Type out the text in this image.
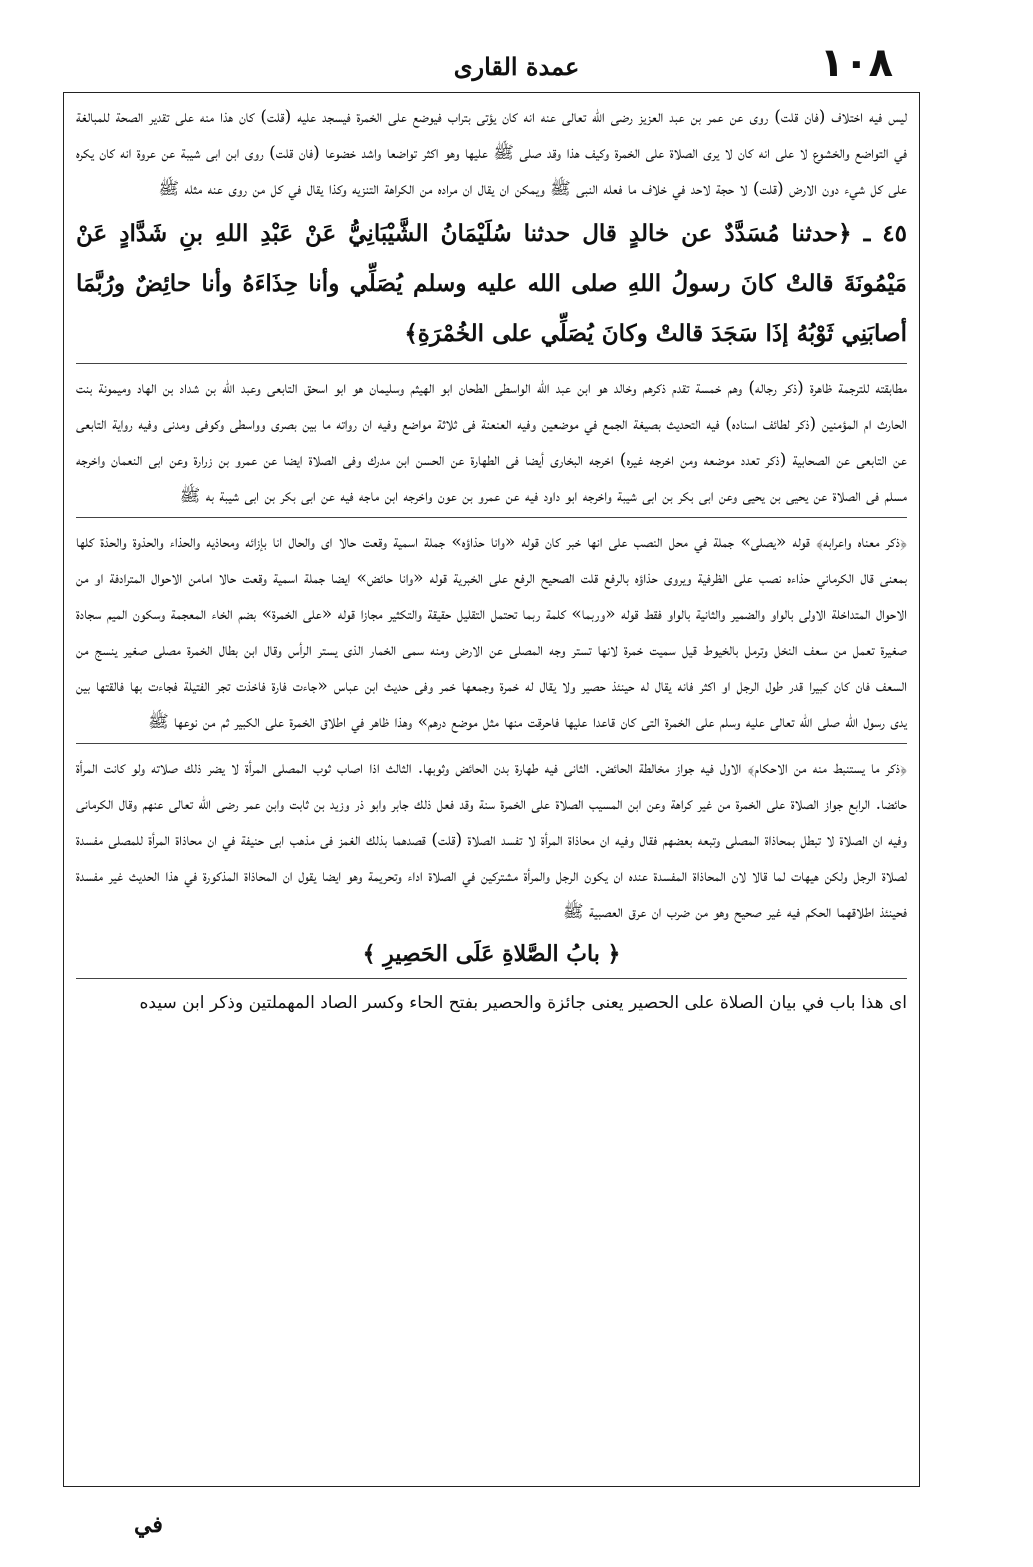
١٠٨
عمدة القارى

ليس فيه اختلاف (فان قلت) روى عن عمر بن عبد العزيز رضى الله تعالى عنه انه كان يؤتى بتراب فيوضع على الخمرة فيسجد عليه (قلت) كان هذا منه على تقدير الصحة للمبالغة في التواضع والخشوع لا على انه كان لا يرى الصلاة على الخمرة وكيف هذا وقد صلى ﷺ عليها وهو اكثر تواضعا واشد خضوعا (فان قلت) روى ابن ابى شيبة عن عروة انه كان يكره على كل شيء دون الارض (قلت) لا حجة لاحد في خلاف ما فعله النبى ﷺ ويمكن ان يقال ان مراده من الكراهة التنزيه وكذا يقال في كل من روى عنه مثله ﷺ

٤٥ ـ ﴿حدثنا مُسَدَّدٌ عن خالدٍ قال حدثنا سُلَيْمَانُ الشَّيْبَانِيُّ عَنْ عَبْدِ اللهِ بنِ شَدَّادٍ عَنْ مَيْمُونَةَ قالتْ كانَ رسولُ اللهِ صلى الله عليه وسلم يُصَلِّي وأنا حِذَاءَهُ وأنا حائِضٌ ورُبَّمَا أصابَنِي ثَوْبُهُ إذَا سَجَدَ قالتْ وكانَ يُصَلِّي على الخُمْرَةِ﴾

مطابقته للترجمة ظاهرة (ذكر رجاله) وهم خمسة تقدم ذكرهم وخالد هو ابن عبد الله الواسطى الطحان ابو الهيثم وسليمان هو ابو اسحق التابعى وعبد الله بن شداد بن الهاد وميمونة بنت الحارث ام المؤمنين (ذكر لطائف اسناده) فيه التحديث بصيغة الجمع في موضعين وفيه العنعنة فى ثلاثة مواضع وفيه ان رواته ما بين بصرى وواسطى وكوفى ومدنى وفيه رواية التابعى عن التابعى عن الصحابية (ذكر تعدد موضعه ومن اخرجه غيره) اخرجه البخارى أيضا فى الطهارة عن الحسن ابن مدرك وفى الصلاة ايضا عن عمرو بن زرارة وعن ابى النعمان واخرجه مسلم فى الصلاة عن يحيى بن يحيى وعن ابى بكر بن ابى شيبة واخرجه ابو داود فيه عن عمرو بن عون واخرجه ابن ماجه فيه عن ابى بكر بن ابى شيبة به ﷺ

﴿ذكر معناه واعرابه﴾ قوله «يصلى» جملة في محل النصب على انها خبر كان قوله «وانا حذاؤه» جملة اسمية وقعت حالا اى والحال انا بإزائه ومحاذيه والحذاء والحذوة والحذة كلها بمعنى قال الكرماني حذاءه نصب على الظرفية ويروى حذاؤه بالرفع قلت الصحيح الرفع على الخبرية قوله «وانا حائض» ايضا جملة اسمية وقعت حالا امامن الاحوال المترادفة او من الاحوال المتداخلة الاولى بالواو والضمير والثانية بالواو فقط قوله «وربما» كلمة ربما تحتمل التقليل حقيقة والتكثير مجازا قوله «على الخمرة» بضم الخاء المعجمة وسكون الميم سجادة صغيرة تعمل من سعف النخل وترمل بالخيوط قيل سميت خمرة لانها تستر وجه المصلى عن الارض ومنه سمى الخمار الذى يستر الرأس وقال ابن بطال الخمرة مصلى صغير ينسج من السعف فان كان كبيرا قدر طول الرجل او اكثر فانه يقال له حينئذ حصير ولا يقال له خمرة وجمعها خمر وفى حديث ابن عباس «جاءت فارة فاخذت تجر الفتيلة فجاءت بها فالقتها بين يدى رسول الله صلى الله تعالى عليه وسلم على الخمرة التى كان قاعدا عليها فاحرقت منها مثل موضع درهم» وهذا ظاهر في اطلاق الخمرة على الكبير ثم من نوعها ﷺ

﴿ذكر ما يستنبط منه من الاحكام﴾ الاول فيه جواز مخالطة الحائض. الثانى فيه طهارة بدن الحائض وثوبها. الثالث اذا اصاب ثوب المصلى المرأة لا يضر ذلك صلاته ولو كانت المرأة حائضا. الرابع جواز الصلاة على الخمرة من غير كراهة وعن ابن المسيب الصلاة على الخمرة سنة وقد فعل ذلك جابر وابو ذر وزيد بن ثابت وابن عمر رضى الله تعالى عنهم وقال الكرمانى وفيه ان الصلاة لا تبطل بمحاذاة المصلى وتبعه بعضهم فقال وفيه ان محاذاة المرأة لا تفسد الصلاة (قلت) قصدهما بذلك الغمز فى مذهب ابى حنيفة في ان محاذاة المرأة للمصلى مفسدة لصلاة الرجل ولكن هيهات لما قالا لان المحاذاة المفسدة عنده ان يكون الرجل والمرأة مشتركين في الصلاة اداء وتحريمة وهو ايضا يقول ان المحاذاة المذكورة في هذا الحديث غير مفسدة فحينئذ اطلاقهما الحكم فيه غير صحيح وهو من ضرب ان عرق العصبية ﷺ

﴿ بابُ الصَّلاةِ عَلَى الحَصِيرِ ﴾

اى هذا باب في بيان الصلاة على الحصير يعنى جائزة والحصير بفتح الحاء وكسر الصاد المهملتين وذكر ابن سيده

في
